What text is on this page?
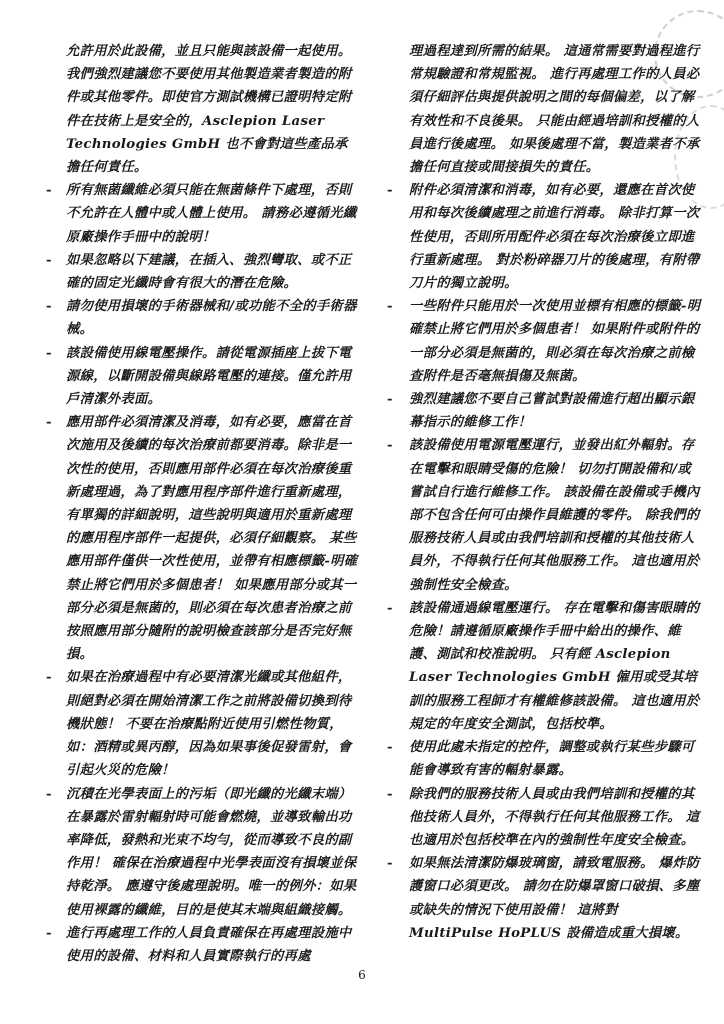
允許用於此設備，並且只能與該設備一起使用。我們強烈建議您不要使用其他製造業者製造的附件或其他零件。即使官方測試機構已證明特定附件在技術上是安全的，Asclepion Laser Technologies GmbH 也不會對這些產品承擔任何責任。

- 所有無菌纖維必須只能在無菌條件下處理，否則不允許在人體中或人體上使用。 請務必遵循光纖原廠操作手冊中的說明！

- 如果忽略以下建議，在插入、強烈彎取、或不正確的固定光纖時會有很大的潛在危險。

- 請勿使用損壞的手術器械和/或功能不全的手術器械。

- 該設備使用線電壓操作。請從電源插座上拔下電源線，以斷開設備與線路電壓的連接。僅允許用戶清潔外表面。

- 應用部件必須清潔及消毒，如有必要，應當在首次施用及後續的每次治療前都要消毒。除非是一次性的使用，否則應用部件必須在每次治療後重新處理過，為了對應用程序部件進行重新處理，有單獨的詳細說明，這些說明與適用於重新處理的應用程序部件一起提供，必須仔細觀察。 某些應用部件僅供一次性使用，並帶有相應標籤-明確禁止將它們用於多個患者！ 如果應用部分或其一部分必須是無菌的，則必須在每次患者治療之前按照應用部分隨附的說明檢查該部分是否完好無損。

- 如果在治療過程中有必要清潔光纖或其他組件，則絕對必須在開始清潔工作之前將設備切換到待機狀態！ 不要在治療點附近使用引燃性物質，如：酒精或異丙醇，因為如果事後促發雷射，會引起火災的危險！

- 沉積在光學表面上的污垢（即光纖的光纖末端）在暴露於雷射輻射時可能會燃燒，並導致輸出功率降低，發熱和光束不均勻，從而導致不良的副作用！ 確保在治療過程中光學表面沒有損壞並保持乾淨。 應遵守後處理說明。唯一的例外：如果使用裸露的纖維，目的是使其末端與組織接觸。

- 進行再處理工作的人員負責確保在再處理設施中使用的設備、材料和人員實際執行的再處

理過程達到所需的結果。 這通常需要對過程進行常規驗證和常規監視。 進行再處理工作的人員必須仔細評估與提供說明之間的每個偏差，以了解有效性和不良後果。 只能由經過培訓和授權的人員進行後處理。 如果後處理不當，製造業者不承擔任何直接或間接損失的責任。

- 附件必須清潔和消毒，如有必要，還應在首次使用和每次後續處理之前進行消毒。 除非打算一次性使用，否則所用配件必須在每次治療後立即進行重新處理。 對於粉碎器刀片的後處理，有附帶刀片的獨立說明。

- 一些附件只能用於一次使用並標有相應的標籤-明確禁止將它們用於多個患者！ 如果附件或附件的一部分必須是無菌的，則必須在每次治療之前檢查附件是否毫無損傷及無菌。

- 強烈建議您不要自己嘗試對設備進行超出顯示銀幕指示的維修工作！

- 該設備使用電源電壓運行，並發出紅外輻射。存在電擊和眼睛受傷的危險！ 切勿打開設備和/或嘗試自行進行維修工作。 該設備在設備或手機內部不包含任何可由操作員維護的零件。 除我們的服務技術人員或由我們培訓和授權的其他技術人員外，不得執行任何其他服務工作。 這也適用於強制性安全檢查。

- 該設備通過線電壓運行。 存在電擊和傷害眼睛的危險！請遵循原廠操作手冊中給出的操作、維護、測試和校准說明。 只有經 Asclepion Laser Technologies GmbH 僱用或受其培訓的服務工程師才有權維修該設備。 這也適用於規定的年度安全測試，包括校準。

- 使用此處未指定的控件，調整或執行某些步驟可能會導致有害的輻射暴露。

- 除我們的服務技術人員或由我們培訓和授權的其他技術人員外，不得執行任何其他服務工作。 這也適用於包括校準在內的強制性年度安全檢查。

- 如果無法清潔防爆玻璃窗，請致電服務。 爆炸防護窗口必須更改。 請勿在防爆罩窗口破損、多塵或缺失的情況下使用設備！ 這將對 MultiPulse HoPLUS 設備造成重大損壞。

6
